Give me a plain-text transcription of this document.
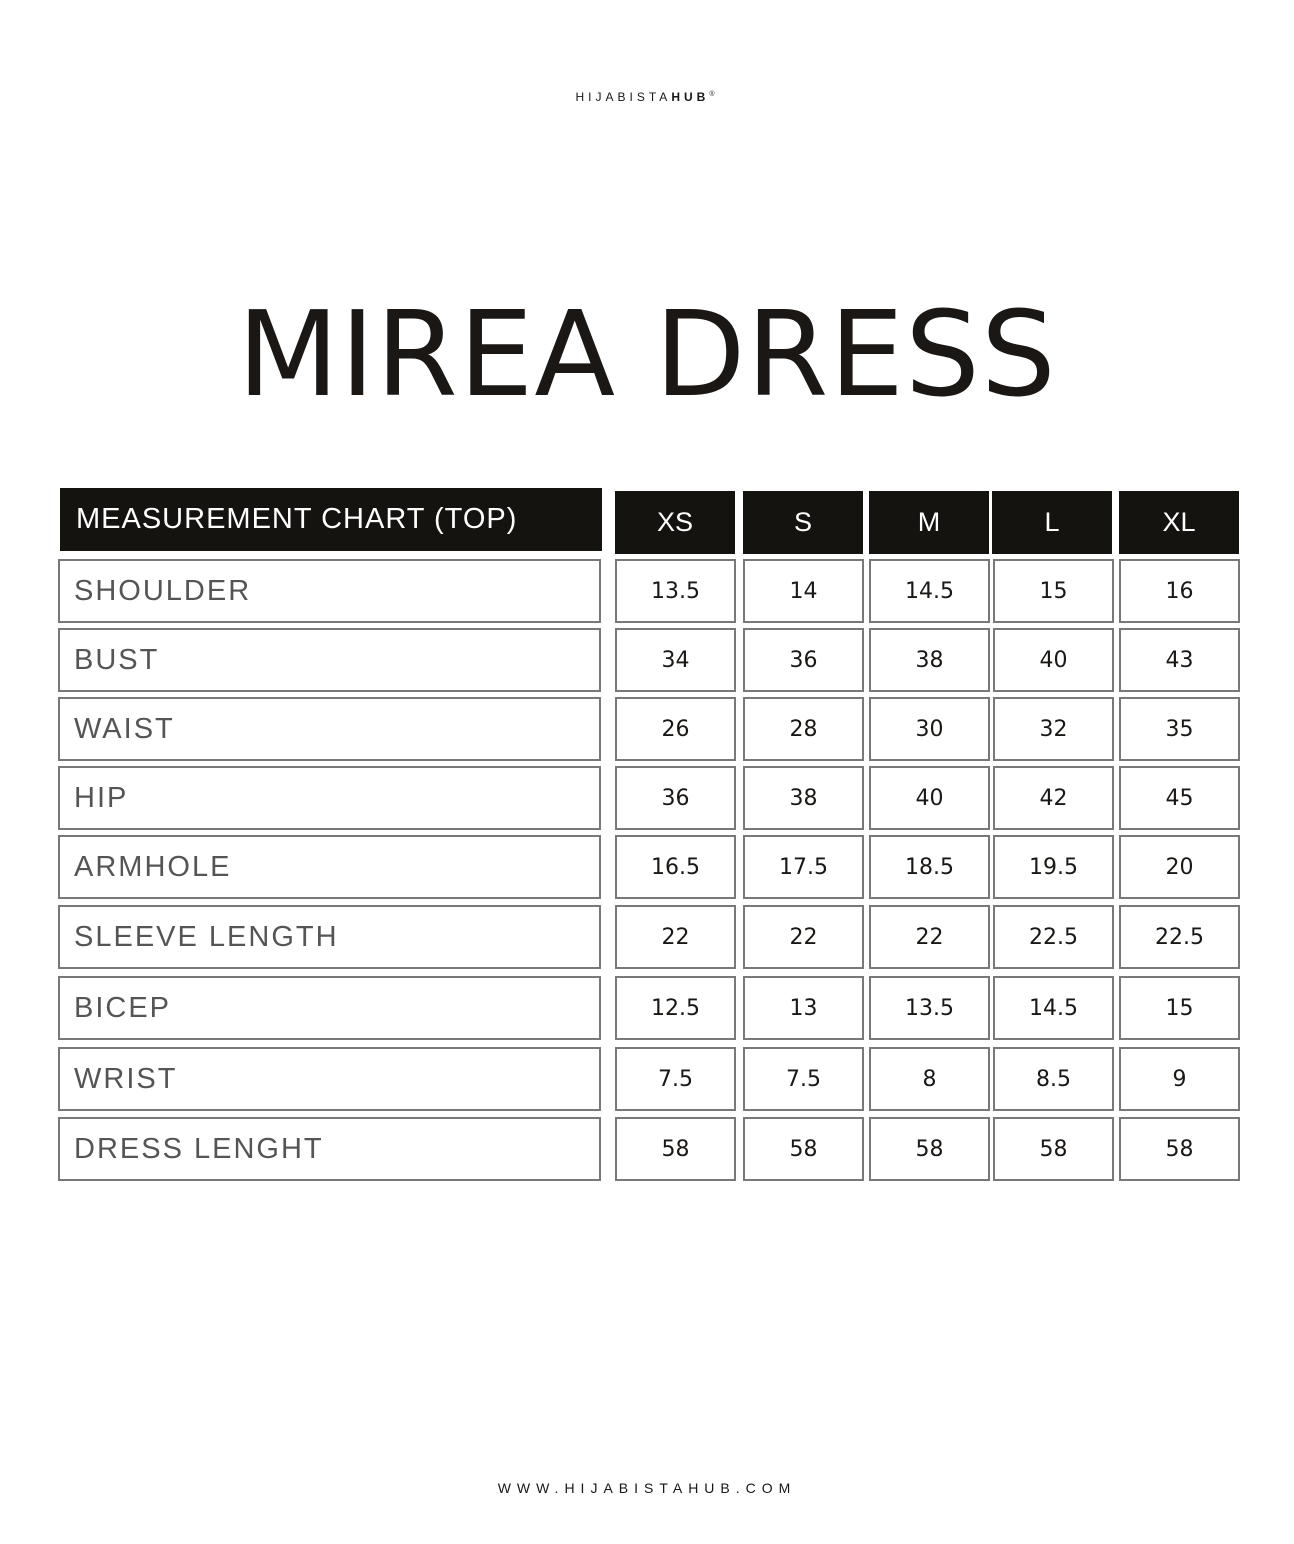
HIJABISTAHUB®
MIREA DRESS
MEASUREMENT CHART (TOP)	XS	S	M	L	XL
SHOULDER	13.5	14	14.5	15	16
BUST	34	36	38	40	43
WAIST	26	28	30	32	35
HIP	36	38	40	42	45
ARMHOLE	16.5	17.5	18.5	19.5	20
SLEEVE LENGTH	22	22	22	22.5	22.5
BICEP	12.5	13	13.5	14.5	15
WRIST	7.5	7.5	8	8.5	9
DRESS LENGHT	58	58	58	58	58
WWW.HIJABISTAHUB.COM
